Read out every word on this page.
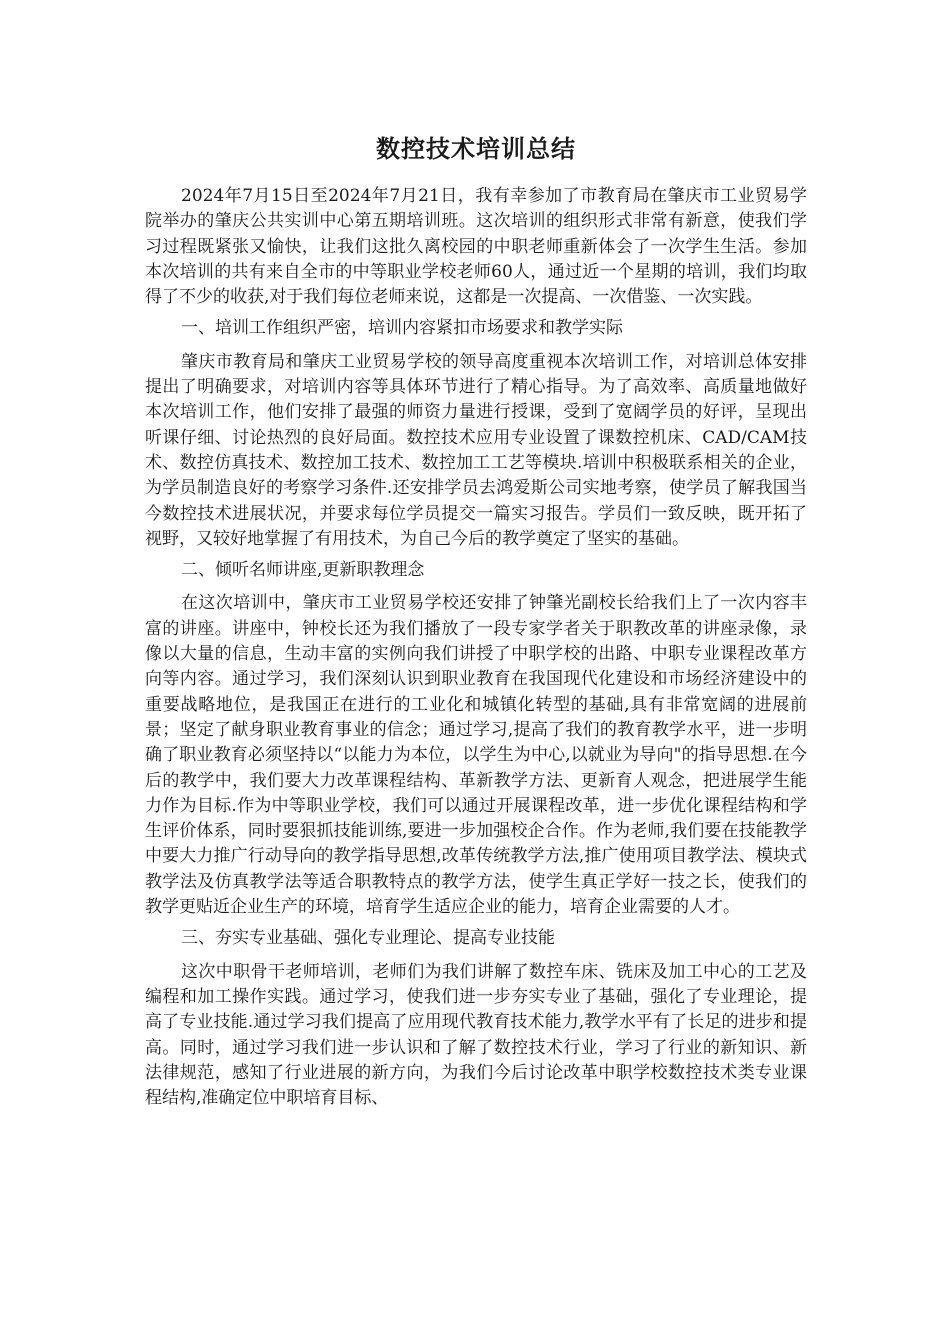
数控技术培训总结

2024年7月15日至2024年7月21日，我有幸参加了市教育局在肇庆市工业贸易学院举办的肇庆公共实训中心第五期培训班。这次培训的组织形式非常有新意，使我们学习过程既紧张又愉快，让我们这批久离校园的中职老师重新体会了一次学生生活。参加本次培训的共有来自全市的中等职业学校老师60人，通过近一个星期的培训，我们均取得了不少的收获,对于我们每位老师来说，这都是一次提高、一次借鉴、一次实践。

一、培训工作组织严密，培训内容紧扣市场要求和教学实际

肇庆市教育局和肇庆工业贸易学校的领导高度重视本次培训工作，对培训总体安排提出了明确要求，对培训内容等具体环节进行了精心指导。为了高效率、高质量地做好本次培训工作，他们安排了最强的师资力量进行授课，受到了宽阔学员的好评，呈现出听课仔细、讨论热烈的良好局面。数控技术应用专业设置了课数控机床、CAD/CAM技术、数控仿真技术、数控加工技术、数控加工工艺等模块.培训中积极联系相关的企业，为学员制造良好的考察学习条件.还安排学员去鸿爱斯公司实地考察，使学员了解我国当今数控技术进展状况，并要求每位学员提交一篇实习报告。学员们一致反映，既开拓了视野，又较好地掌握了有用技术，为自己今后的教学奠定了坚实的基础。

二、倾听名师讲座,更新职教理念

在这次培训中，肇庆市工业贸易学校还安排了钟肇光副校长给我们上了一次内容丰富的讲座。讲座中，钟校长还为我们播放了一段专家学者关于职教改革的讲座录像，录像以大量的信息，生动丰富的实例向我们讲授了中职学校的出路、中职专业课程改革方向等内容。通过学习，我们深刻认识到职业教育在我国现代化建设和市场经济建设中的重要战略地位，是我国正在进行的工业化和城镇化转型的基础,具有非常宽阔的进展前景；坚定了献身职业教育事业的信念；通过学习,提高了我们的教育教学水平，进一步明确了职业教育必须坚持以“以能力为本位，以学生为中心,以就业为导向"的指导思想.在今后的教学中，我们要大力改革课程结构、革新教学方法、更新育人观念，把进展学生能力作为目标.作为中等职业学校，我们可以通过开展课程改革，进一步优化课程结构和学生评价体系，同时要狠抓技能训练,要进一步加强校企合作。作为老师,我们要在技能教学中要大力推广行动导向的教学指导思想,改革传统教学方法,推广使用项目教学法、模块式教学法及仿真教学法等适合职教特点的教学方法，使学生真正学好一技之长，使我们的教学更贴近企业生产的环境，培育学生适应企业的能力，培育企业需要的人才。

三、夯实专业基础、强化专业理论、提高专业技能

这次中职骨干老师培训，老师们为我们讲解了数控车床、铣床及加工中心的工艺及编程和加工操作实践。通过学习，使我们进一步夯实专业了基础，强化了专业理论，提高了专业技能.通过学习我们提高了应用现代教育技术能力,教学水平有了长足的进步和提高。同时，通过学习我们进一步认识和了解了数控技术行业，学习了行业的新知识、新法律规范，感知了行业进展的新方向，为我们今后讨论改革中职学校数控技术类专业课程结构,准确定位中职培育目标、
